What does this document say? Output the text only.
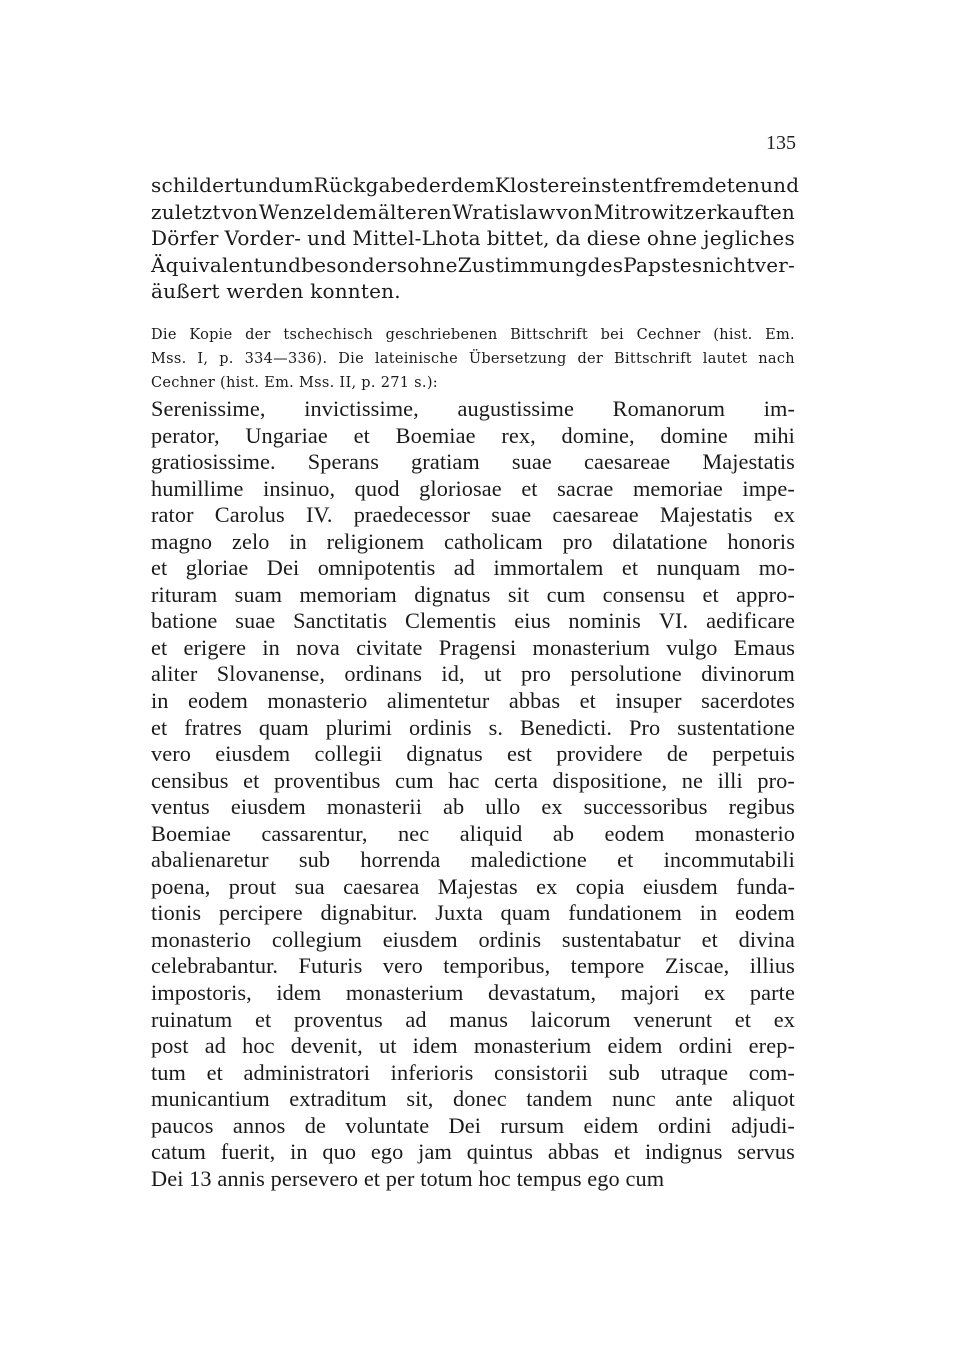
135
schildert und um Rückgabe der dem Kloster einst entfremdeten und
zuletzt von Wenzel dem älteren Wratislaw von Mitrowitz erkauften
Dörfer Vorder- und Mittel-Lhota bittet, da diese ohne jegliches
Äquivalent und besonders ohne Zustimmung des Papstes nicht ver-
äußert werden konnten.
Die Kopie der tschechisch geschriebenen Bittschrift bei Cechner (hist. Em.
Mss. I, p. 334—336). Die lateinische Übersetzung der Bittschrift lautet nach
Cechner (hist. Em. Mss. II, p. 271 s.):
Serenissime, invictissime, augustissime Romanorum im-
perator, Ungariae et Boemiae rex, domine, domine mihi
gratiosissime. Sperans gratiam suae caesareae Majestatis
humillime insinuo, quod gloriosae et sacrae memoriae impe-
rator Carolus IV. praedecessor suae caesareae Majestatis ex
magno zelo in religionem catholicam pro dilatatione honoris
et gloriae Dei omnipotentis ad immortalem et nunquam mo-
rituram suam memoriam dignatus sit cum consensu et appro-
batione suae Sanctitatis Clementis eius nominis VI. aedificare
et erigere in nova civitate Pragensi monasterium vulgo Emaus
aliter Slovanense, ordinans id, ut pro persolutione divinorum
in eodem monasterio alimentetur abbas et insuper sacerdotes
et fratres quam plurimi ordinis s. Benedicti. Pro sustentatione
vero eiusdem collegii dignatus est providere de perpetuis
censibus et proventibus cum hac certa dispositione, ne illi pro-
ventus eiusdem monasterii ab ullo ex successoribus regibus
Boemiae cassarentur, nec aliquid ab eodem monasterio
abalienaretur sub horrenda maledictione et incommutabili
poena, prout sua caesarea Majestas ex copia eiusdem funda-
tionis percipere dignabitur. Juxta quam fundationem in eodem
monasterio collegium eiusdem ordinis sustentabatur et divina
celebrabantur. Futuris vero temporibus, tempore Ziscae, illius
impostoris, idem monasterium devastatum, majori ex parte
ruinatum et proventus ad manus laicorum venerunt et ex
post ad hoc devenit, ut idem monasterium eidem ordini erep-
tum et administratori inferioris consistorii sub utraque com-
municantium extraditum sit, donec tandem nunc ante aliquot
paucos annos de voluntate Dei rursum eidem ordini adjudi-
catum fuerit, in quo ego jam quintus abbas et indignus servus
Dei 13 annis persevero et per totum hoc tempus ego cum
